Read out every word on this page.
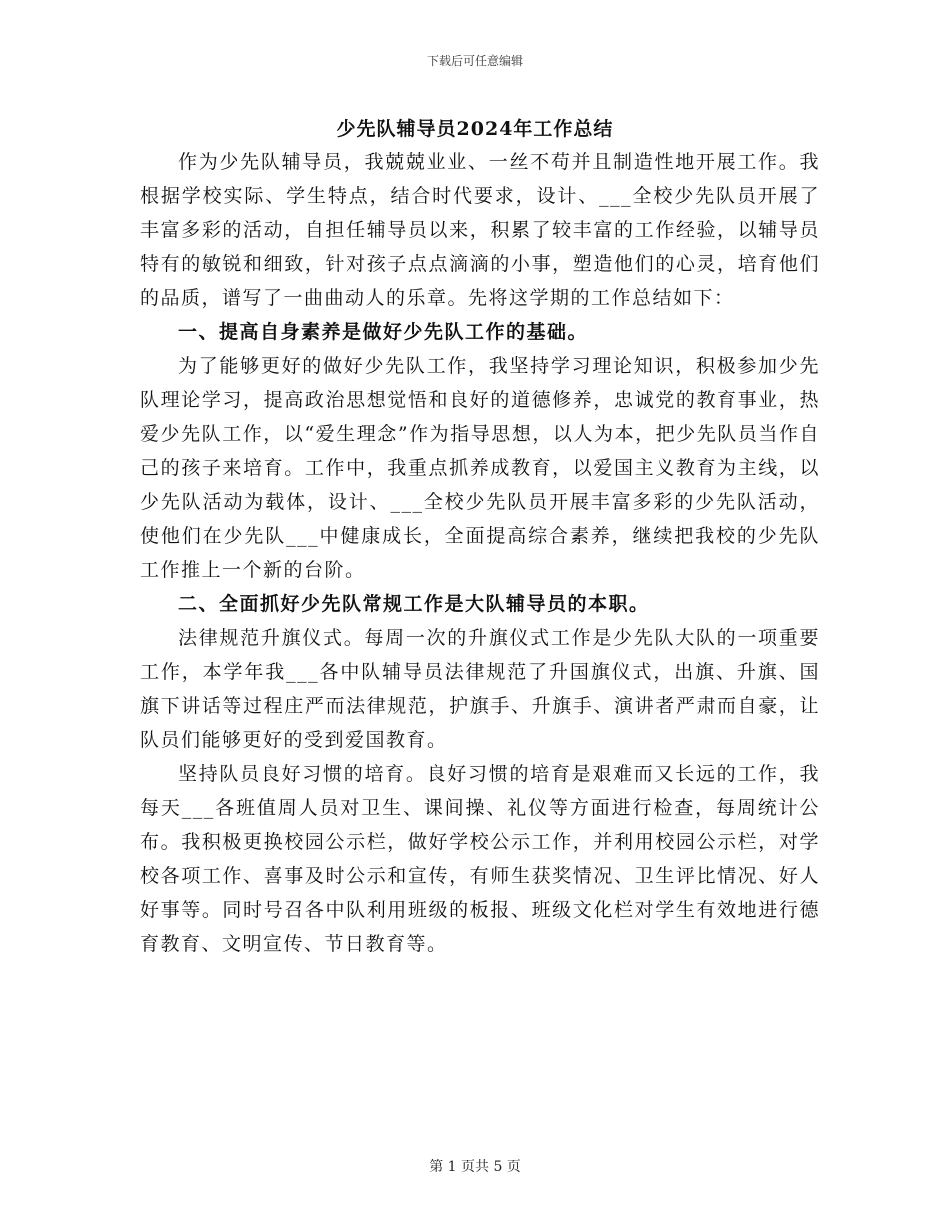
下载后可任意编辑
少先队辅导员2024年工作总结

作为少先队辅导员，我兢兢业业、一丝不苟并且制造性地开展工作。我根据学校实际、学生特点，结合时代要求，设计、___全校少先队员开展了丰富多彩的活动，自担任辅导员以来，积累了较丰富的工作经验，以辅导员特有的敏锐和细致，针对孩子点点滴滴的小事，塑造他们的心灵，培育他们的品质，谱写了一曲曲动人的乐章。先将这学期的工作总结如下：

一、提高自身素养是做好少先队工作的基础。

为了能够更好的做好少先队工作，我坚持学习理论知识，积极参加少先队理论学习，提高政治思想觉悟和良好的道德修养，忠诚党的教育事业，热爱少先队工作，以“爱生理念”作为指导思想，以人为本，把少先队员当作自己的孩子来培育。工作中，我重点抓养成教育，以爱国主义教育为主线，以少先队活动为载体，设计、___全校少先队员开展丰富多彩的少先队活动，使他们在少先队___中健康成长，全面提高综合素养，继续把我校的少先队工作推上一个新的台阶。

二、全面抓好少先队常规工作是大队辅导员的本职。

法律规范升旗仪式。每周一次的升旗仪式工作是少先队大队的一项重要工作，本学年我___各中队辅导员法律规范了升国旗仪式，出旗、升旗、国旗下讲话等过程庄严而法律规范，护旗手、升旗手、演讲者严肃而自豪，让队员们能够更好的受到爱国教育。

坚持队员良好习惯的培育。良好习惯的培育是艰难而又长远的工作，我每天___各班值周人员对卫生、课间操、礼仪等方面进行检查，每周统计公布。我积极更换校园公示栏，做好学校公示工作，并利用校园公示栏，对学校各项工作、喜事及时公示和宣传，有师生获奖情况、卫生评比情况、好人好事等。同时号召各中队利用班级的板报、班级文化栏对学生有效地进行德育教育、文明宣传、节日教育等。

第 1 页共 5 页
